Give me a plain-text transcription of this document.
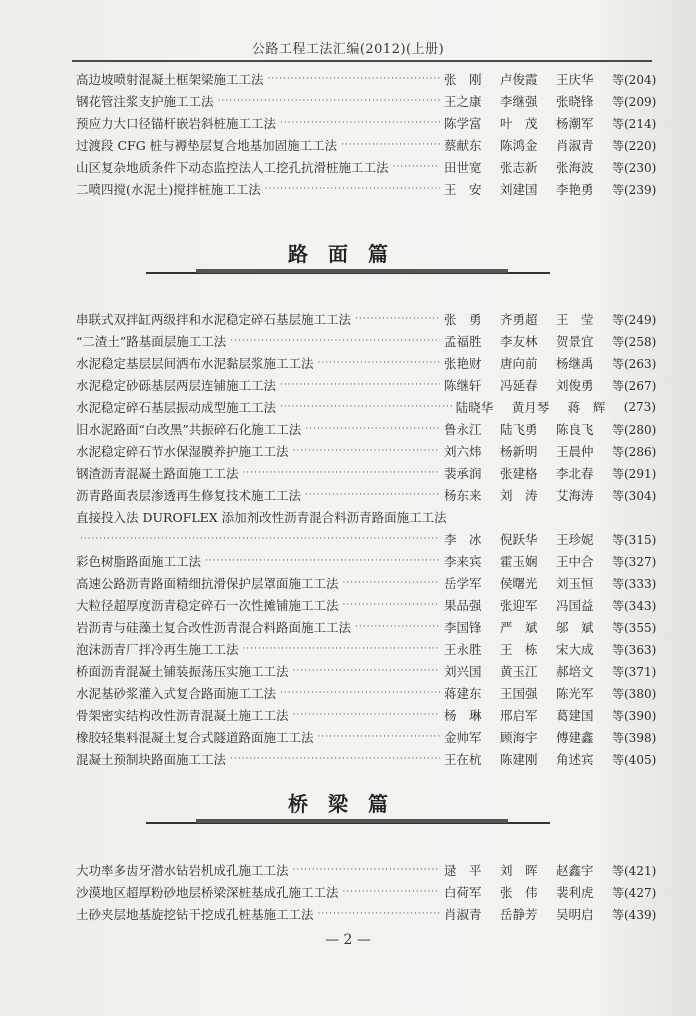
公路工程工法汇编(2012)(上册)
高边坡喷射混凝土框架梁施工工法 ·····	张　刚	卢俊霞	王庆华	等(204)
钢花管注浆支护施工工法 ·····	王之康	李继强	张晓锋	等(209)
预应力大口径锚杆嵌岩斜桩施工工法 ·····	陈学富	叶　茂	杨潮军	等(214)
过渡段 CFG 桩与褥垫层复合地基加固施工工法 ·····	蔡献东	陈鸿金	肖淑青	等(220)
山区复杂地质条件下动态监控法人工挖孔抗滑桩施工工法 ·····	田世宽	张志新	张海波	等(230)
二喷四搅(水泥土)搅拌桩施工工法 ·····	王　安	刘建国	李艳勇	等(239)
路面篇
串联式双拌缸两级拌和水泥稳定碎石基层施工工法 ·····	张　勇	齐勇超	王　莹	等(249)
“二渣土”路基面层施工工法 ·····	孟福胜	李友林	贺景宜	等(258)
水泥稳定基层层间洒布水泥黏层浆施工工法 ·····	张艳财	唐向前	杨继禹	等(263)
水泥稳定砂砾基层两层连铺施工工法 ·····	陈继轩	冯延春	刘俊勇	等(267)
水泥稳定碎石基层振动成型施工工法 ·····	陆晓华	黄月琴	蒋　辉	(273)
旧水泥路面“白改黑”共振碎石化施工工法 ·····	鲁永江	陆飞勇	陈良飞	等(280)
水泥稳定碎石节水保湿膜养护施工工法 ·····	刘六炜	杨新明	王晨仲	等(286)
钢渣沥青混凝土路面施工工法 ·····	裴承润	张建格	李北春	等(291)
沥青路面表层渗透再生修复技术施工工法 ·····	杨东来	刘　涛	艾海涛	等(304)
直接投入法 DUROFLEX 添加剂改性沥青混合料沥青路面施工工法
·····
李　冰	倪跃华	王珍妮	等(315)
彩色树脂路面施工工法 ·····	李来宾	霍玉娴	王中合	等(327)
高速公路沥青路面精细抗滑保护层罩面施工工法 ·····	岳学军	侯曙光	刘玉恒	等(333)
大粒径超厚度沥青稳定碎石一次性摊铺施工工法 ·····	果品强	张迎军	冯国益	等(343)
岩沥青与硅藻土复合改性沥青混合料路面施工工法 ·····	李国锋	严　斌	邬　斌	等(355)
泡沫沥青厂拌冷再生施工工法 ·····	王永胜	王　栋	宋大成	等(363)
桥面沥青混凝土铺装振荡压实施工工法 ·····	刘兴国	黄玉江	郝培文	等(371)
水泥基砂浆灌入式复合路面施工工法 ·····	蒋建东	王国强	陈光军	等(380)
骨架密实结构改性沥青混凝土施工工法 ·····	杨　琳	邢启军	葛建国	等(390)
橡胶轻集料混凝土复合式隧道路面施工工法 ·····	金帅军	顾海宇	傅建鑫	等(398)
混凝土预制块路面施工工法 ·····	王在杭	陈建刚	角述宾	等(405)
桥梁篇
大功率多齿牙潜水钻岩机成孔施工工法 ·····	逯　平	刘　晖	赵鑫宇	等(421)
沙漠地区超厚粉砂地层桥梁深桩基成孔施工工法 ·····	白荷军	张　伟	裴利虎	等(427)
土砂夹层地基旋挖钻干挖成孔桩基施工工法 ·····	肖淑青	岳静芳	吴明启	等(439)
— 2 —
